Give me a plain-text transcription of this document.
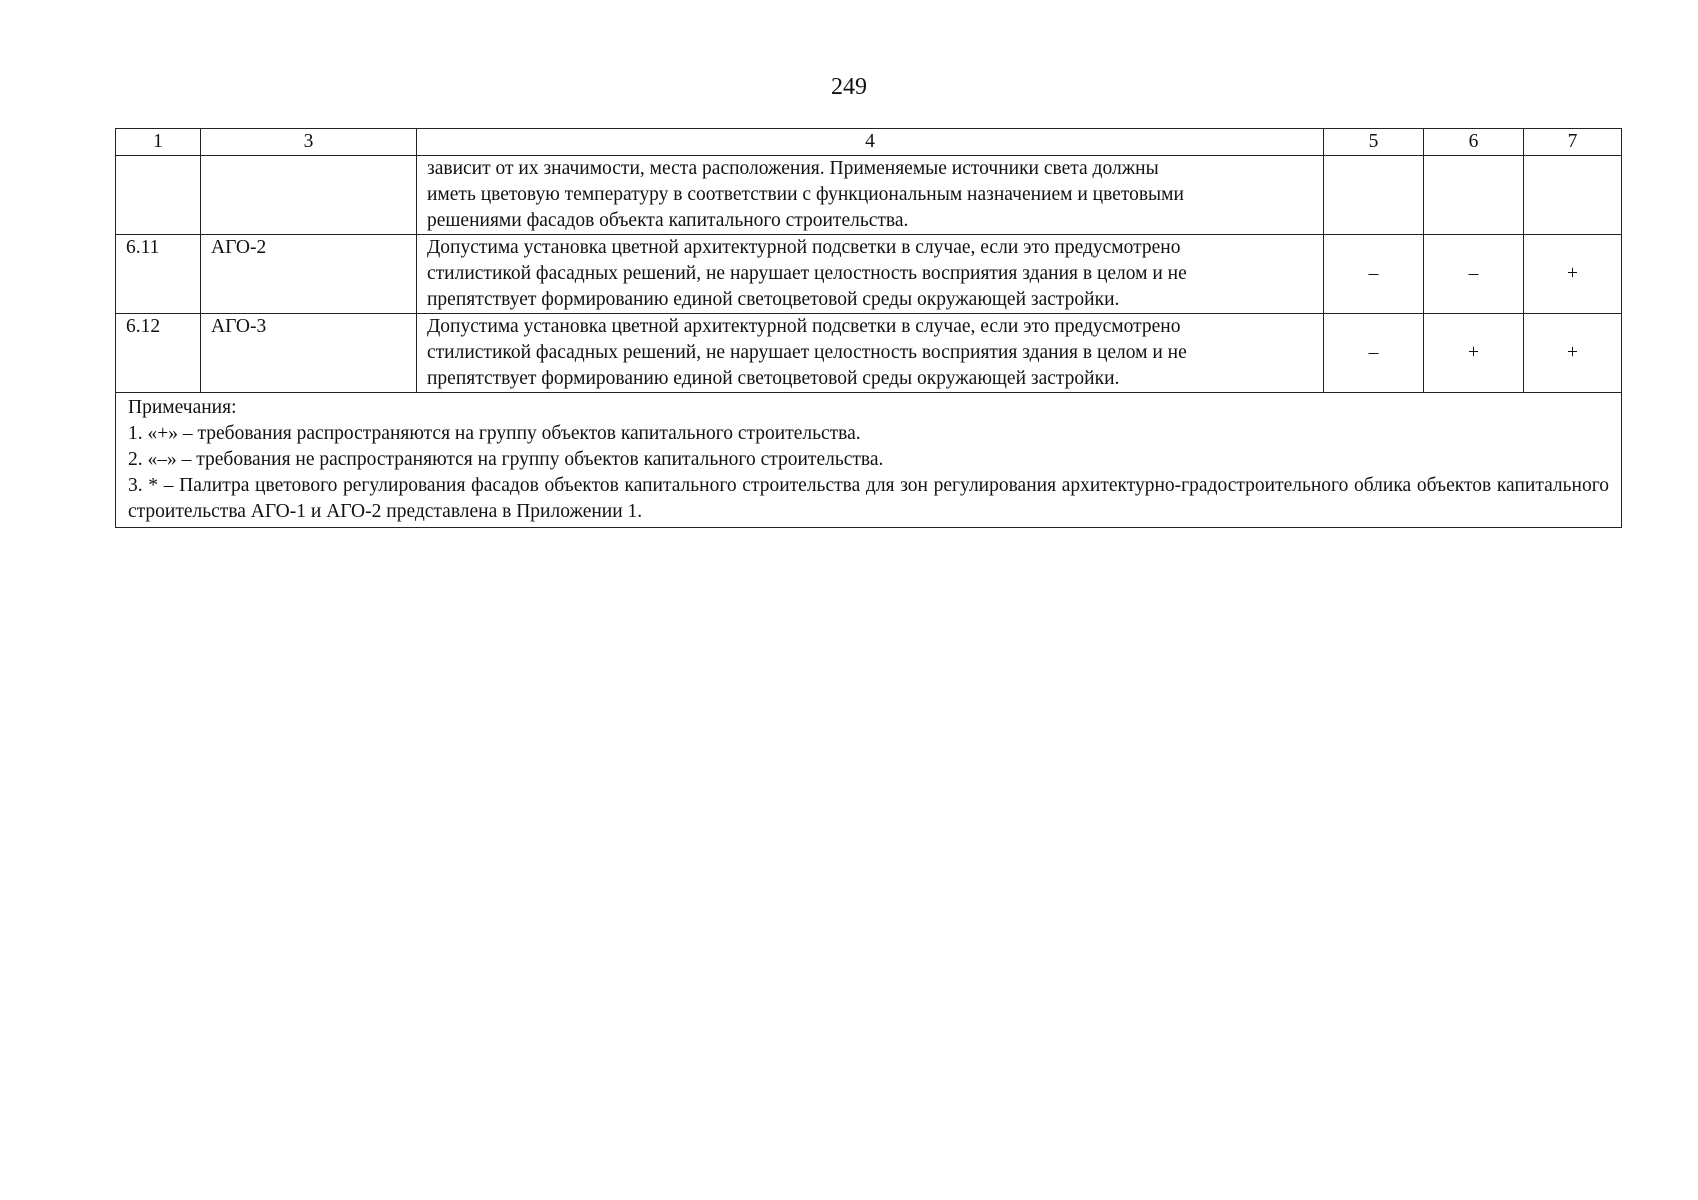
249
1	3	4	5	6	7

		зависит от их значимости, места расположения. Применяемые источники света должны
иметь цветовую температуру в соответствии с функциональным назначением и цветовыми
решениями фасадов объекта капитального строительства.			

6.11	АГО-2	Допустима установка цветной архитектурной подсветки в случае, если это предусмотрено
стилистикой фасадных решений, не нарушает целостность восприятия здания в целом и не
препятствует формированию единой светоцветовой среды окружающей застройки.	–	–	+
6.12	АГО-3	Допустима установка цветной архитектурной подсветки в случае, если это предусмотрено
стилистикой фасадных решений, не нарушает целостность восприятия здания в целом и не
препятствует формированию единой светоцветовой среды окружающей застройки.	–	+	+

Примечания:
1. «+» – требования распространяются на группу объектов капитального строительства.
2. «–» – требования не распространяются на группу объектов капитального строительства.
3. * – Палитра цветового регулирования фасадов объектов капитального строительства для зон регулирования архитектурно-градостроительного облика объектов капитального строительства АГО-1 и АГО-2 представлена в Приложении 1.					
